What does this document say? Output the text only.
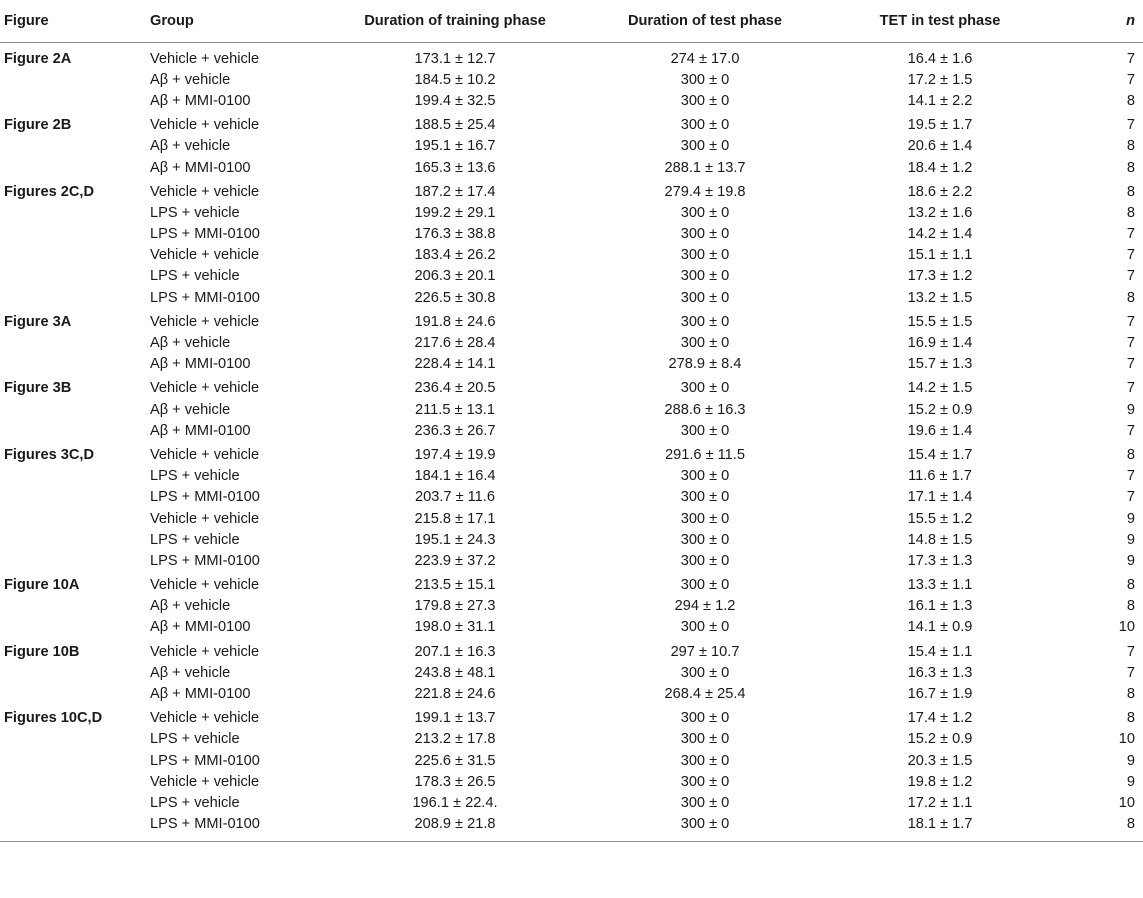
Figure	Group	Duration of training phase	Duration of test phase	TET in test phase	n
Figure 2A	Vehicle + vehicle	173.1 ± 12.7	274 ± 17.0	16.4 ± 1.6	7
	Aβ + vehicle	184.5 ± 10.2	300 ± 0	17.2 ± 1.5	7
	Aβ + MMI-0100	199.4 ± 32.5	300 ± 0	14.1 ± 2.2	8
Figure 2B	Vehicle + vehicle	188.5 ± 25.4	300 ± 0	19.5 ± 1.7	7
	Aβ + vehicle	195.1 ± 16.7	300 ± 0	20.6 ± 1.4	8
	Aβ + MMI-0100	165.3 ± 13.6	288.1 ± 13.7	18.4 ± 1.2	8
Figures 2C,D	Vehicle + vehicle	187.2 ± 17.4	279.4 ± 19.8	18.6 ± 2.2	8
	LPS + vehicle	199.2 ± 29.1	300 ± 0	13.2 ± 1.6	8
	LPS + MMI-0100	176.3 ± 38.8	300 ± 0	14.2 ± 1.4	7
	Vehicle + vehicle	183.4 ± 26.2	300 ± 0	15.1 ± 1.1	7
	LPS + vehicle	206.3 ± 20.1	300 ± 0	17.3 ± 1.2	7
	LPS + MMI-0100	226.5 ± 30.8	300 ± 0	13.2 ± 1.5	8
Figure 3A	Vehicle + vehicle	191.8 ± 24.6	300 ± 0	15.5 ± 1.5	7
	Aβ + vehicle	217.6 ± 28.4	300 ± 0	16.9 ± 1.4	7
	Aβ + MMI-0100	228.4 ± 14.1	278.9 ± 8.4	15.7 ± 1.3	7
Figure 3B	Vehicle + vehicle	236.4 ± 20.5	300 ± 0	14.2 ± 1.5	7
	Aβ + vehicle	211.5 ± 13.1	288.6 ± 16.3	15.2 ± 0.9	9
	Aβ + MMI-0100	236.3 ± 26.7	300 ± 0	19.6 ± 1.4	7
Figures 3C,D	Vehicle + vehicle	197.4 ± 19.9	291.6 ± 11.5	15.4 ± 1.7	8
	LPS + vehicle	184.1 ± 16.4	300 ± 0	11.6 ± 1.7	7
	LPS + MMI-0100	203.7 ± 11.6	300 ± 0	17.1 ± 1.4	7
	Vehicle + vehicle	215.8 ± 17.1	300 ± 0	15.5 ± 1.2	9
	LPS + vehicle	195.1 ± 24.3	300 ± 0	14.8 ± 1.5	9
	LPS + MMI-0100	223.9 ± 37.2	300 ± 0	17.3 ± 1.3	9
Figure 10A	Vehicle + vehicle	213.5 ± 15.1	300 ± 0	13.3 ± 1.1	8
	Aβ + vehicle	179.8 ± 27.3	294 ± 1.2	16.1 ± 1.3	8
	Aβ + MMI-0100	198.0 ± 31.1	300 ± 0	14.1 ± 0.9	10
Figure 10B	Vehicle + vehicle	207.1 ± 16.3	297 ± 10.7	15.4 ± 1.1	7
	Aβ + vehicle	243.8 ± 48.1	300 ± 0	16.3 ± 1.3	7
	Aβ + MMI-0100	221.8 ± 24.6	268.4 ± 25.4	16.7 ± 1.9	8
Figures 10C,D	Vehicle + vehicle	199.1 ± 13.7	300 ± 0	17.4 ± 1.2	8
	LPS + vehicle	213.2 ± 17.8	300 ± 0	15.2 ± 0.9	10
	LPS + MMI-0100	225.6 ± 31.5	300 ± 0	20.3 ± 1.5	9
	Vehicle + vehicle	178.3 ± 26.5	300 ± 0	19.8 ± 1.2	9
	LPS + vehicle	196.1 ± 22.4.	300 ± 0	17.2 ± 1.1	10
	LPS + MMI-0100	208.9 ± 21.8	300 ± 0	18.1 ± 1.7	8
